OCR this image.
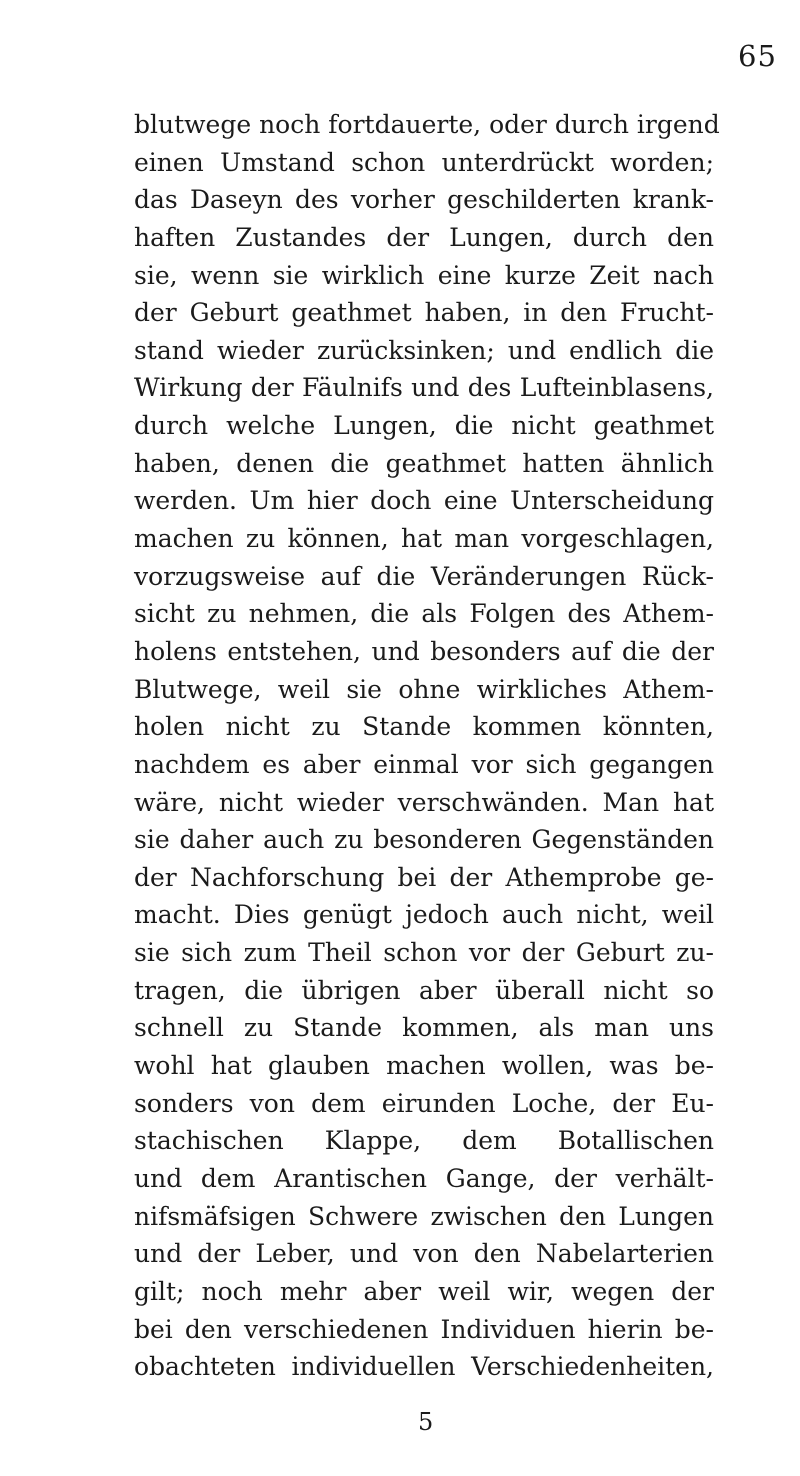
65
blutwege noch fortdauerte, oder durch irgend
einen Umstand schon unterdrückt worden;
das Daseyn des vorher geschilderten krank-
haften Zustandes der Lungen, durch den
sie, wenn sie wirklich eine kurze Zeit nach
der Geburt geathmet haben, in den Frucht-
stand wieder zurücksinken; und endlich die
Wirkung der Fäulnifs und des Lufteinblasens,
durch welche Lungen, die nicht geathmet
haben, denen die geathmet hatten ähnlich
werden. Um hier doch eine Unterscheidung
machen zu können, hat man vorgeschlagen,
vorzugsweise auf die Veränderungen Rück-
sicht zu nehmen, die als Folgen des Athem-
holens entstehen, und besonders auf die der
Blutwege, weil sie ohne wirkliches Athem-
holen nicht zu Stande kommen könnten,
nachdem es aber einmal vor sich gegangen
wäre, nicht wieder verschwänden. Man hat
sie daher auch zu besonderen Gegenständen
der Nachforschung bei der Athemprobe ge-
macht. Dies genügt jedoch auch nicht, weil
sie sich zum Theil schon vor der Geburt zu-
tragen, die übrigen aber überall nicht so
schnell zu Stande kommen, als man uns
wohl hat glauben machen wollen, was be-
sonders von dem eirunden Loche, der Eu-
stachischen Klappe, dem Botallischen
und dem Arantischen Gange, der verhält-
nifsmäfsigen Schwere zwischen den Lungen
und der Leber, und von den Nabelarterien
gilt; noch mehr aber weil wir, wegen der
bei den verschiedenen Individuen hierin be-
obachteten individuellen Verschiedenheiten,
5
